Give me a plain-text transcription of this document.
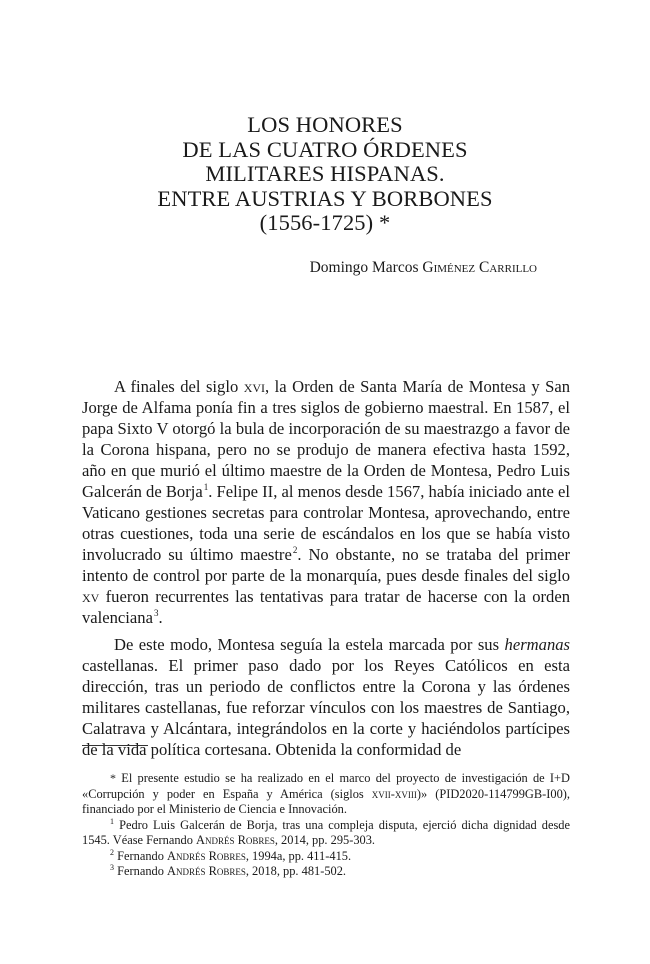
LOS HONORES
DE LAS CUATRO ÓRDENES
MILITARES HISPANAS.
ENTRE AUSTRIAS Y BORBONES
(1556-1725) *
Domingo Marcos Giménez Carrillo

A finales del siglo xvi, la Orden de Santa María de Montesa y San Jorge de Alfama ponía fin a tres siglos de gobierno maestral. En 1587, el papa Sixto V otorgó la bula de incorporación de su maestrazgo a favor de la Corona hispana, pero no se produjo de manera efectiva hasta 1592, año en que murió el último maestre de la Orden de Montesa, Pedro Luis Galcerán de Borja$^1$. Felipe II, al menos desde 1567, había iniciado ante el Vaticano gestiones secretas para controlar Montesa, aprovechando, entre otras cuestiones, toda una serie de escándalos en los que se había visto involucrado su último maestre$^2$. No obstante, no se trataba del primer intento de control por parte de la monarquía, pues desde finales del siglo xv fueron recurrentes las tentativas para tratar de hacerse con la orden valenciana$^3$.

De este modo, Montesa seguía la estela marcada por sus hermanas castellanas. El primer paso dado por los Reyes Católicos en esta dirección, tras un periodo de conflictos entre la Corona y las órdenes militares castellanas, fue reforzar vínculos con los maestres de Santiago, Calatrava y Alcántara, integrándolos en la corte y haciéndolos partícipes de la vida política cortesana. Obtenida la conformidad de

* El presente estudio se ha realizado en el marco del proyecto de investigación de I+D «Corrupción y poder en España y América (siglos xvii-xviii)» (PID2020-114799GB-I00), financiado por el Ministerio de Ciencia e Innovación.

$^1$ Pedro Luis Galcerán de Borja, tras una compleja disputa, ejerció dicha dignidad desde 1545. Véase Fernando Andrés Robres, 2014, pp. 295-303.

$^2$ Fernando Andrés Robres, 1994a, pp. 411-415.

$^3$ Fernando Andrés Robres, 2018, pp. 481-502.
